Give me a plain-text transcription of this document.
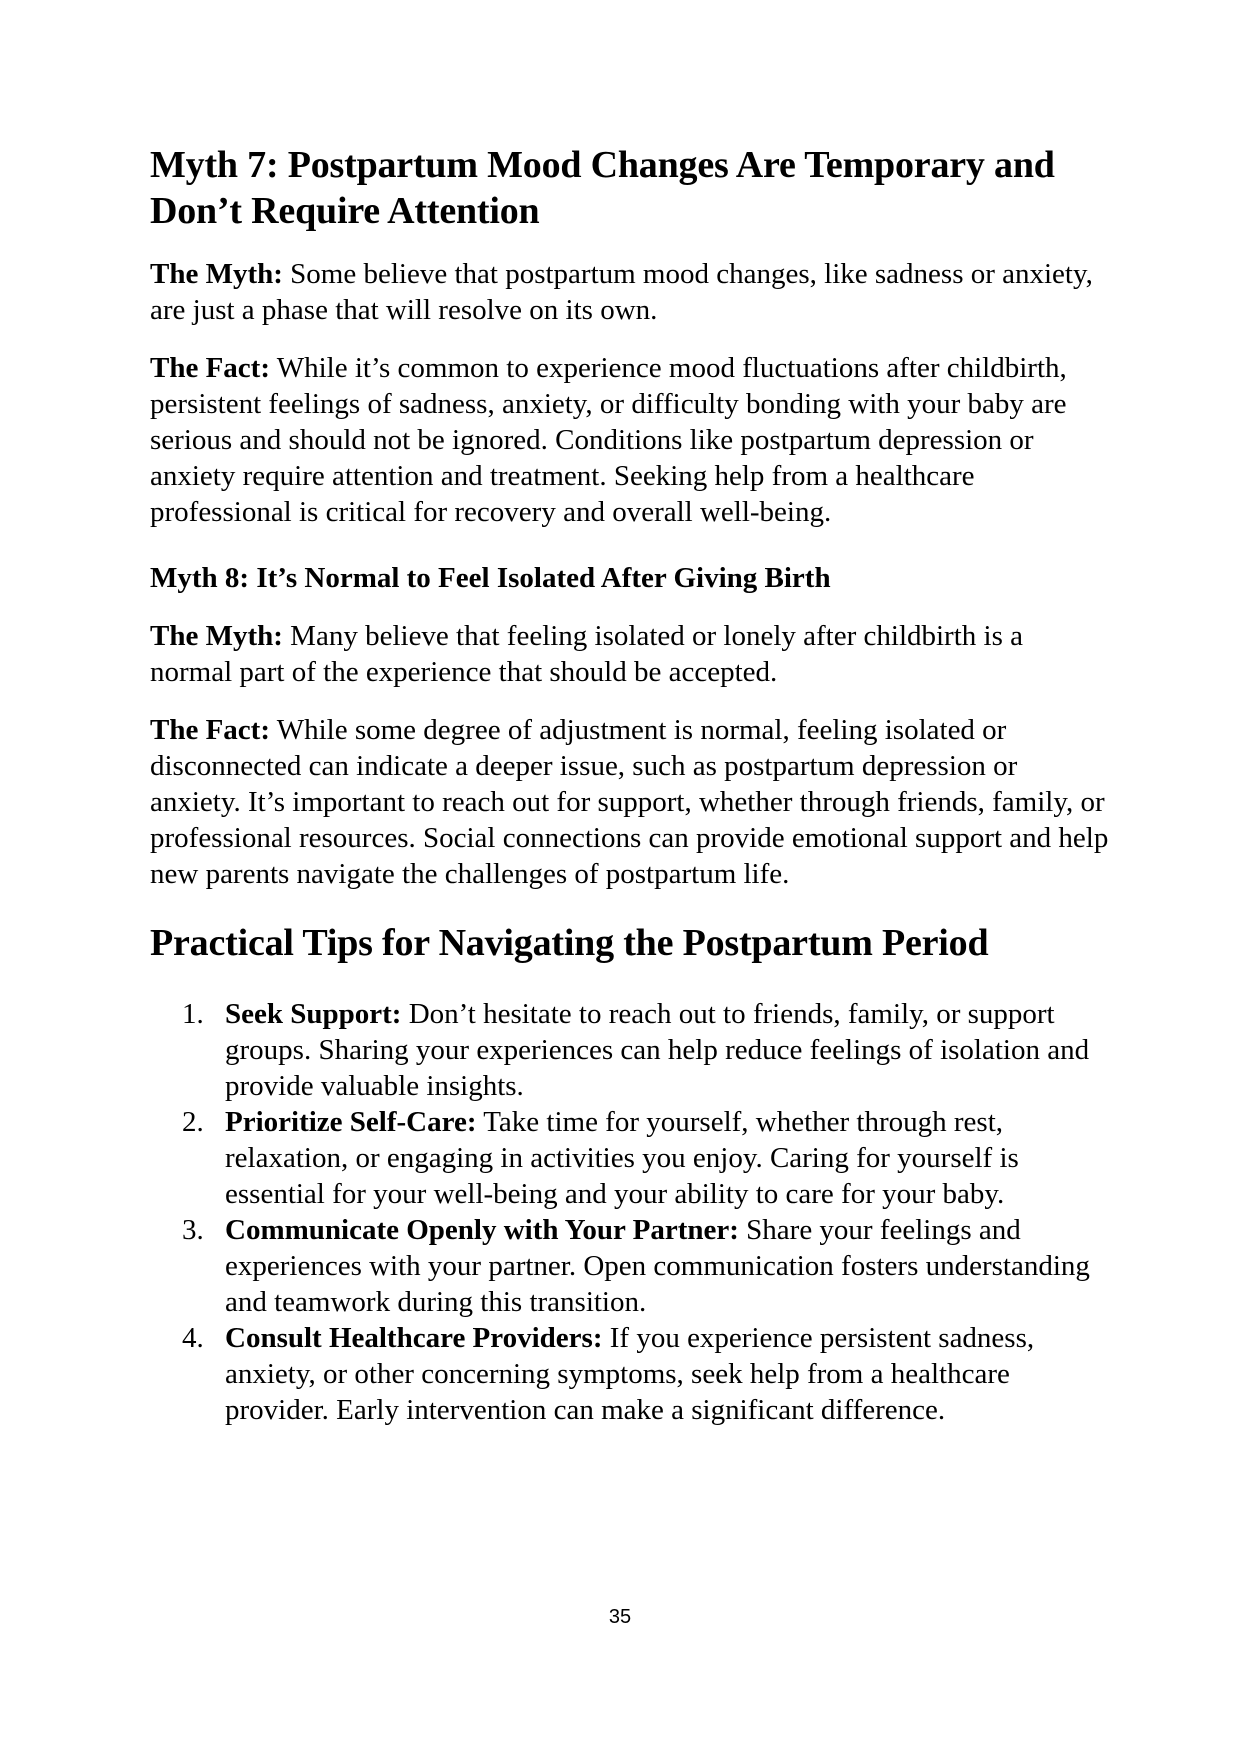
Myth 7: Postpartum Mood Changes Are Temporary and Don’t Require Attention

The Myth: Some believe that postpartum mood changes, like sadness or anxiety, are just a phase that will resolve on its own.

The Fact: While it’s common to experience mood fluctuations after childbirth, persistent feelings of sadness, anxiety, or difficulty bonding with your baby are serious and should not be ignored. Conditions like postpartum depression or anxiety require attention and treatment. Seeking help from a healthcare professional is critical for recovery and overall well-being.

Myth 8: It’s Normal to Feel Isolated After Giving Birth

The Myth: Many believe that feeling isolated or lonely after childbirth is a normal part of the experience that should be accepted.

The Fact: While some degree of adjustment is normal, feeling isolated or disconnected can indicate a deeper issue, such as postpartum depression or anxiety. It’s important to reach out for support, whether through friends, family, or professional resources. Social connections can provide emotional support and help new parents navigate the challenges of postpartum life.

Practical Tips for Navigating the Postpartum Period
1. Seek Support: Don’t hesitate to reach out to friends, family, or support groups. Sharing your experiences can help reduce feelings of isolation and provide valuable insights.
2. Prioritize Self-Care: Take time for yourself, whether through rest, relaxation, or engaging in activities you enjoy. Caring for yourself is essential for your well-being and your ability to care for your baby.
3. Communicate Openly with Your Partner: Share your feelings and experiences with your partner. Open communication fosters understanding and teamwork during this transition.
4. Consult Healthcare Providers: If you experience persistent sadness, anxiety, or other concerning symptoms, seek help from a healthcare provider. Early intervention can make a significant difference.
35
